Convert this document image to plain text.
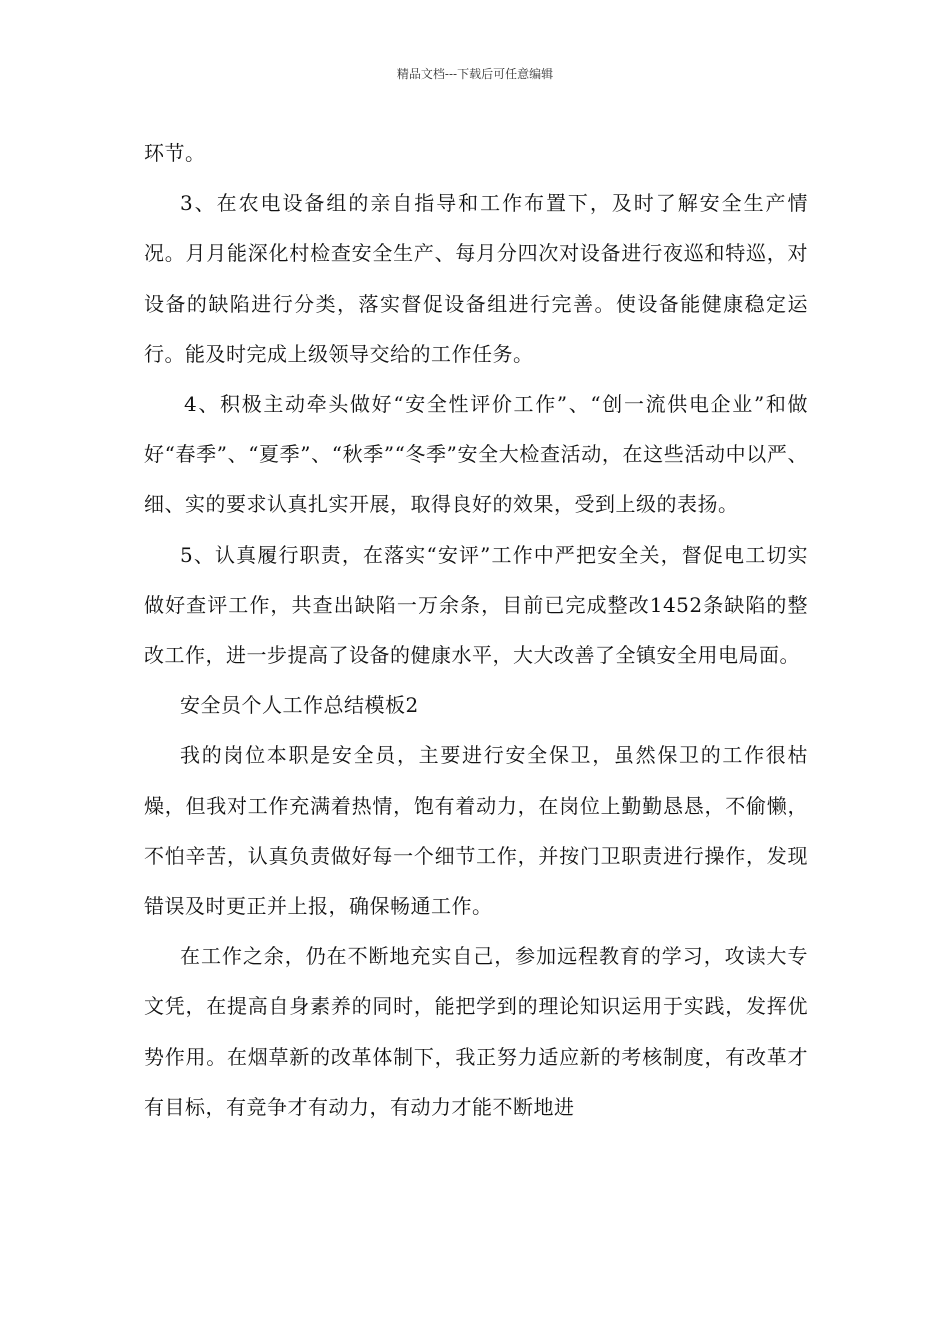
精品文档---下载后可任意编辑

环节。

3、在农电设备组的亲自指导和工作布置下，及时了解安全生产情况。月月能深化村检查安全生产、每月分四次对设备进行夜巡和特巡，对设备的缺陷进行分类，落实督促设备组进行完善。使设备能健康稳定运行。能及时完成上级领导交给的工作任务。

4、积极主动牵头做好“安全性评价工作”、“创一流供电企业”和做好“春季”、“夏季”、“秋季”“冬季”安全大检查活动，在这些活动中以严、细、实的要求认真扎实开展，取得良好的效果，受到上级的表扬。

5、认真履行职责，在落实“安评”工作中严把安全关，督促电工切实做好查评工作，共查出缺陷一万余条，目前已完成整改1452条缺陷的整改工作，进一步提高了设备的健康水平，大大改善了全镇安全用电局面。

安全员个人工作总结模板2

我的岗位本职是安全员，主要进行安全保卫，虽然保卫的工作很枯燥，但我对工作充满着热情，饱有着动力，在岗位上勤勤恳恳，不偷懒，不怕辛苦，认真负责做好每一个细节工作，并按门卫职责进行操作，发现错误及时更正并上报，确保畅通工作。

在工作之余，仍在不断地充实自己，参加远程教育的学习，攻读大专文凭，在提高自身素养的同时，能把学到的理论知识运用于实践，发挥优势作用。在烟草新的改革体制下，我正努力适应新的考核制度，有改革才有目标，有竞争才有动力，有动力才能不断地进
